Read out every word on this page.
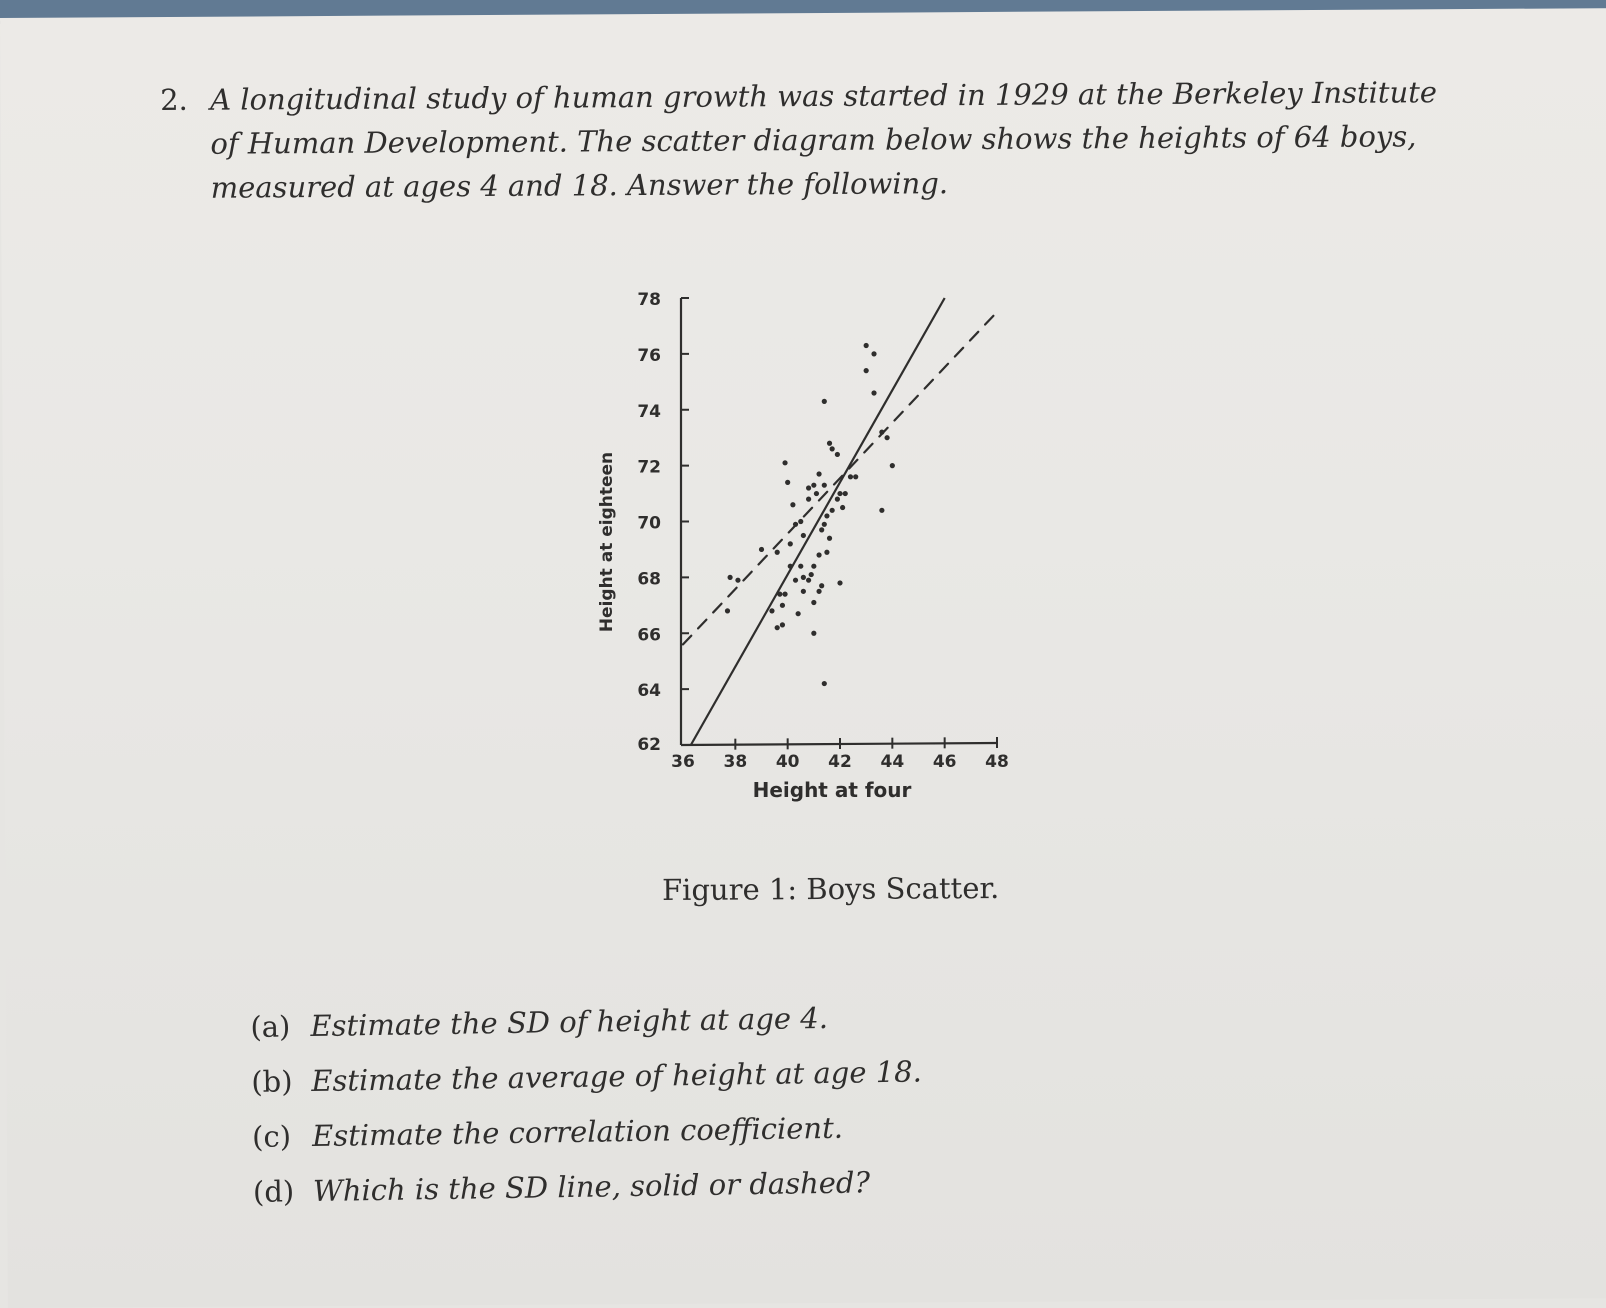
2. A longitudinal study of human growth was started in 1929 at the Berkeley Institute
of Human Development. The scatter diagram below shows the heights of 64 boys,
measured at ages 4 and 18. Answer the following.
62
64
66
68
70
72
74
76
78
36 38 40 42 44 46 48
Height at four
Height at eighteen
Figure 1: Boys Scatter.
(a) Estimate the SD of height at age 4.
(b) Estimate the average of height at age 18.
(c) Estimate the correlation coefficient.
(d) Which is the SD line, solid or dashed?
